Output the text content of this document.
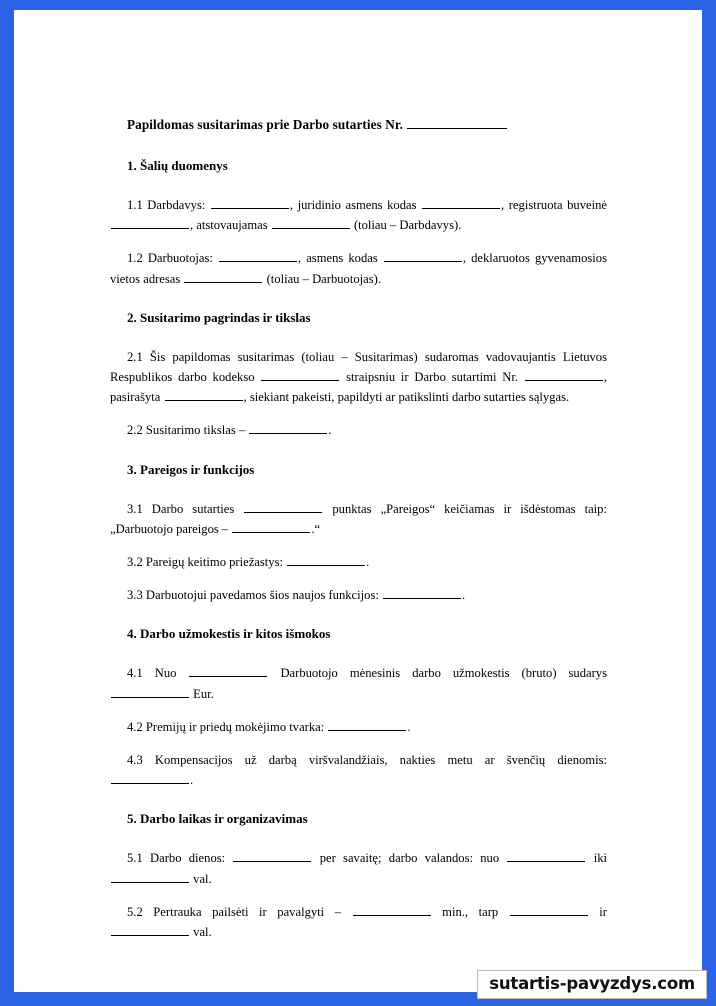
Papildomas susitarimas prie Darbo sutarties Nr.
1. Šalių duomenys

1.1 Darbdavys:	, juridinio asmens kodas	, registruota buveinė , atstovaujamas	(toliau – Darbdavys).

1.2 Darbuotojas:	, asmens kodas	, deklaruotos gyvenamosios vietos adresas	(toliau – Darbuotojas).

2. Susitarimo pagrindas ir tikslas

2.1 Šis papildomas susitarimas (toliau – Susitarimas) sudaromas vadovaujantis Lietuvos Respublikos darbo kodekso	straipsniu ir Darbo sutartimi Nr.	, pasirašyta	, siekiant pakeisti, papildyti ar patikslinti darbo sutarties sąlygas.

2.2 Susitarimo tikslas –	.

3. Pareigos ir funkcijos

3.1 Darbo sutarties	punktas „Pareigos“ keičiamas ir išdėstomas taip: „Darbuotojo pareigos –	.“

3.2 Pareigų keitimo priežastys:	.

3.3 Darbuotojui pavedamos šios naujos funkcijos:	.

4. Darbo užmokestis ir kitos išmokos

4.1 Nuo	Darbuotojo mėnesinis darbo užmokestis (bruto) sudarys  Eur.

4.2 Premijų ir priedų mokėjimo tvarka:	.

4.3 Kompensacijos už darbą viršvalandžiais, nakties metu ar švenčių dienomis: .

5. Darbo laikas ir organizavimas

5.1 Darbo dienos:	per savaitę; darbo valandos: nuo	iki  val.

5.2 Pertrauka pailsėti ir pavalgyti –	min., tarp	ir  val.

sutartis-pavyzdys.com
